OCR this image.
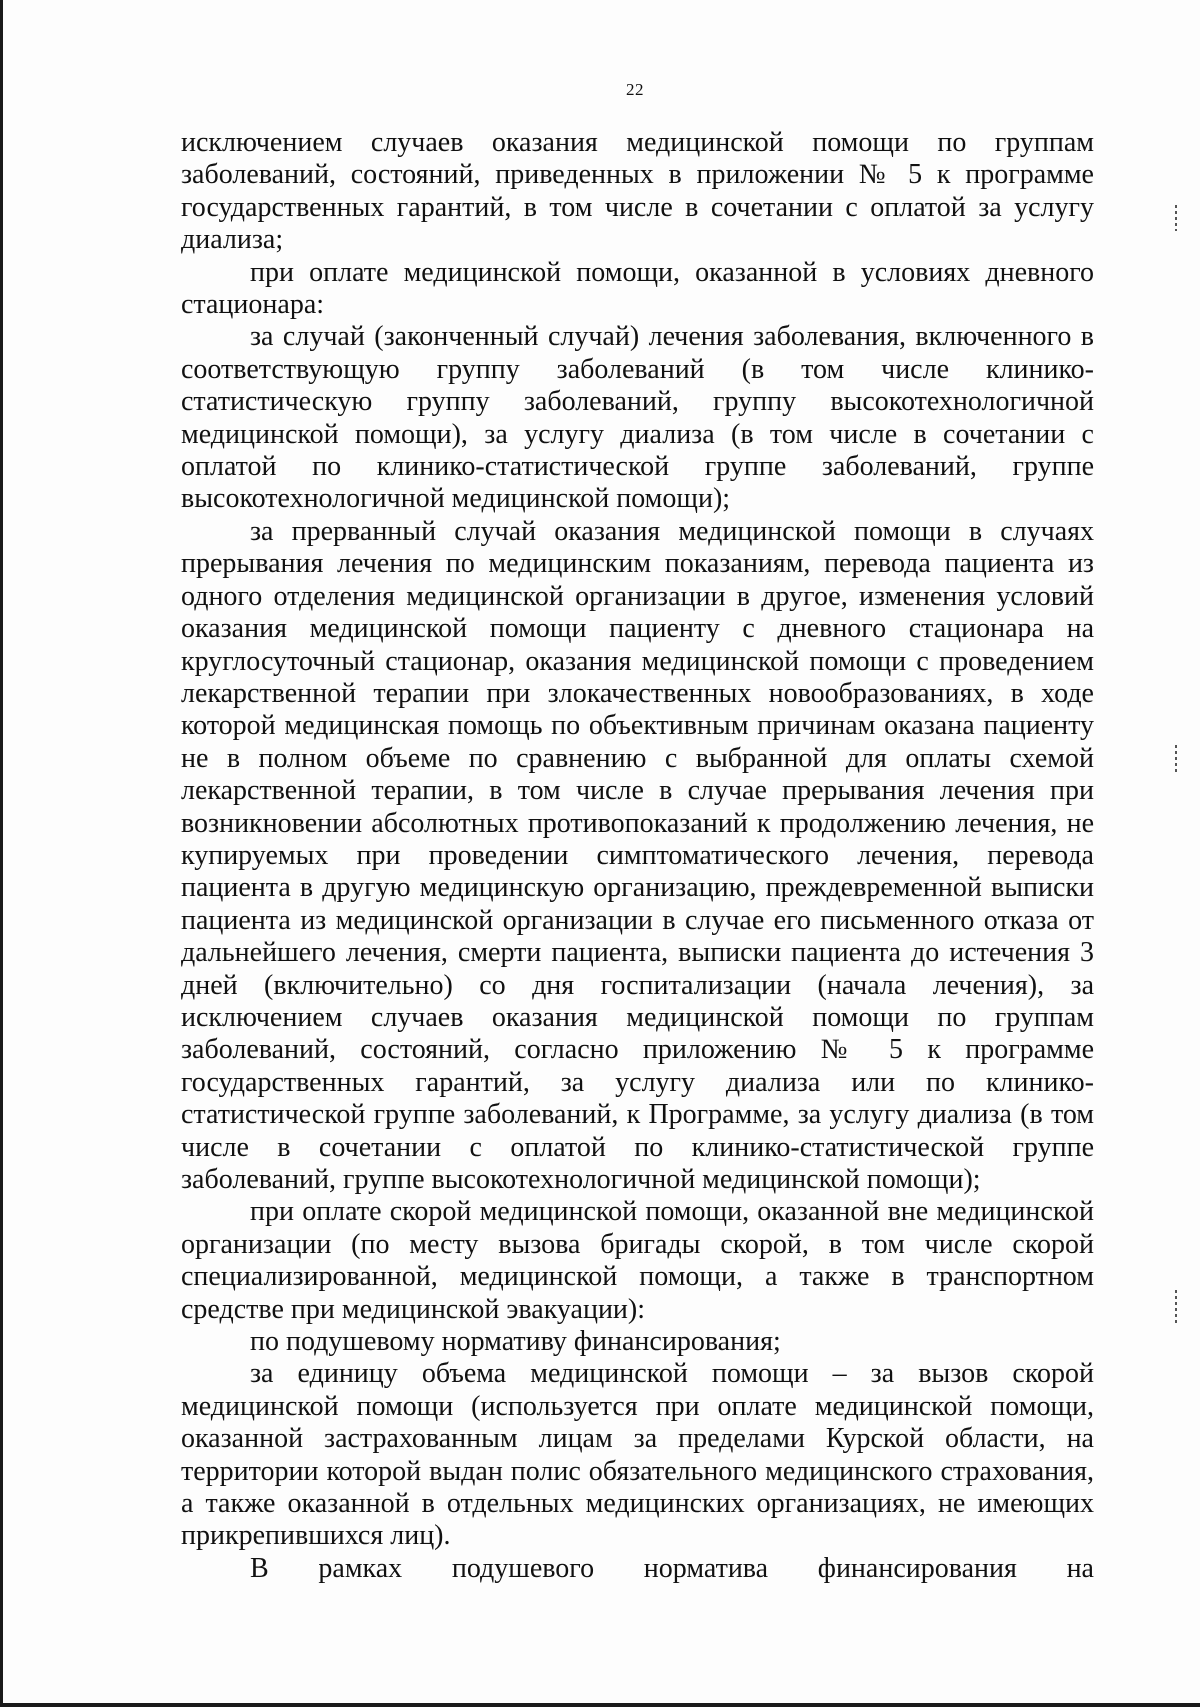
22

исключением случаев оказания медицинской помощи по группам заболеваний, состояний, приведенных в приложении № 5 к программе государственных гарантий, в том числе в сочетании с оплатой за услугу диализа;

при оплате медицинской помощи, оказанной в условиях дневного стационара:

за случай (законченный случай) лечения заболевания, включенного в соответствующую группу заболеваний (в том числе клинико-статистическую группу заболеваний, группу высокотехнологичной медицинской помощи), за услугу диализа (в том числе в сочетании с оплатой по клинико-статистической группе заболеваний, группе высокотехнологичной медицинской помощи);

за прерванный случай оказания медицинской помощи в случаях прерывания лечения по медицинским показаниям, перевода пациента из одного отделения медицинской организации в другое, изменения условий оказания медицинской помощи пациенту с дневного стационара на круглосуточный стационар, оказания медицинской помощи с проведением лекарственной терапии при злокачественных новообразованиях, в ходе которой медицинская помощь по объективным причинам оказана пациенту не в полном объеме по сравнению с выбранной для оплаты схемой лекарственной терапии, в том числе в случае прерывания лечения при возникновении абсолютных противопоказаний к продолжению лечения, не купируемых при проведении симптоматического лечения, перевода пациента в другую медицинскую организацию, преждевременной выписки пациента из медицинской организации в случае его письменного отказа от дальнейшего лечения, смерти пациента, выписки пациента до истечения 3 дней (включительно) со дня госпитализации (начала лечения), за исключением случаев оказания медицинской помощи по группам заболеваний, состояний, согласно приложению № 5 к программе государственных гарантий, за услугу диализа или по клинико-статистической группе заболеваний, к Программе, за услугу диализа (в том числе в сочетании с оплатой по клинико-статистической группе заболеваний, группе высокотехнологичной медицинской помощи);

при оплате скорой медицинской помощи, оказанной вне медицинской организации (по месту вызова бригады скорой, в том числе скорой специализированной, медицинской помощи, а также в транспортном средстве при медицинской эвакуации):

по подушевому нормативу финансирования;

за единицу объема медицинской помощи – за вызов скорой медицинской помощи (используется при оплате медицинской помощи, оказанной застрахованным лицам за пределами Курской области, на территории которой выдан полис обязательного медицинского страхования, а также оказанной в отдельных медицинских организациях, не имеющих прикрепившихся лиц).

В рамках подушевого норматива финансирования на
